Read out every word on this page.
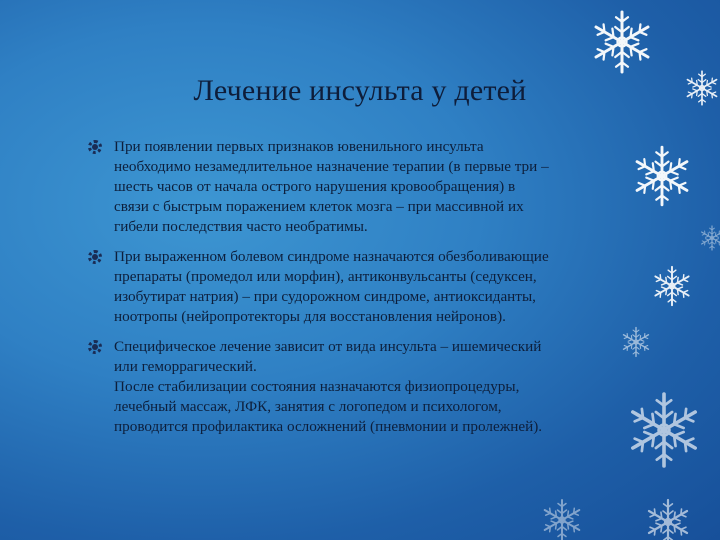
Лечение инсульта у детей
При появлении первых признаков ювенильного инсульта
необходимо незамедлительное назначение терапии (в первые три –
шесть часов от начала острого нарушения кровообращения) в
связи с быстрым поражением клеток мозга – при массивной их
гибели последствия часто необратимы.
При выраженном болевом синдроме назначаются обезболивающие
препараты (промедол или морфин), антиконвульсанты (седуксен,
изобутират натрия) – при судорожном синдроме, антиоксиданты,
ноотропы (нейропротекторы для восстановления нейронов).
Специфическое лечение зависит от вида инсульта – ишемический
или геморрагический.
После стабилизации состояния назначаются физиопроцедуры,
лечебный массаж, ЛФК, занятия с логопедом и психологом,
проводится профилактика осложнений (пневмонии и пролежней).
